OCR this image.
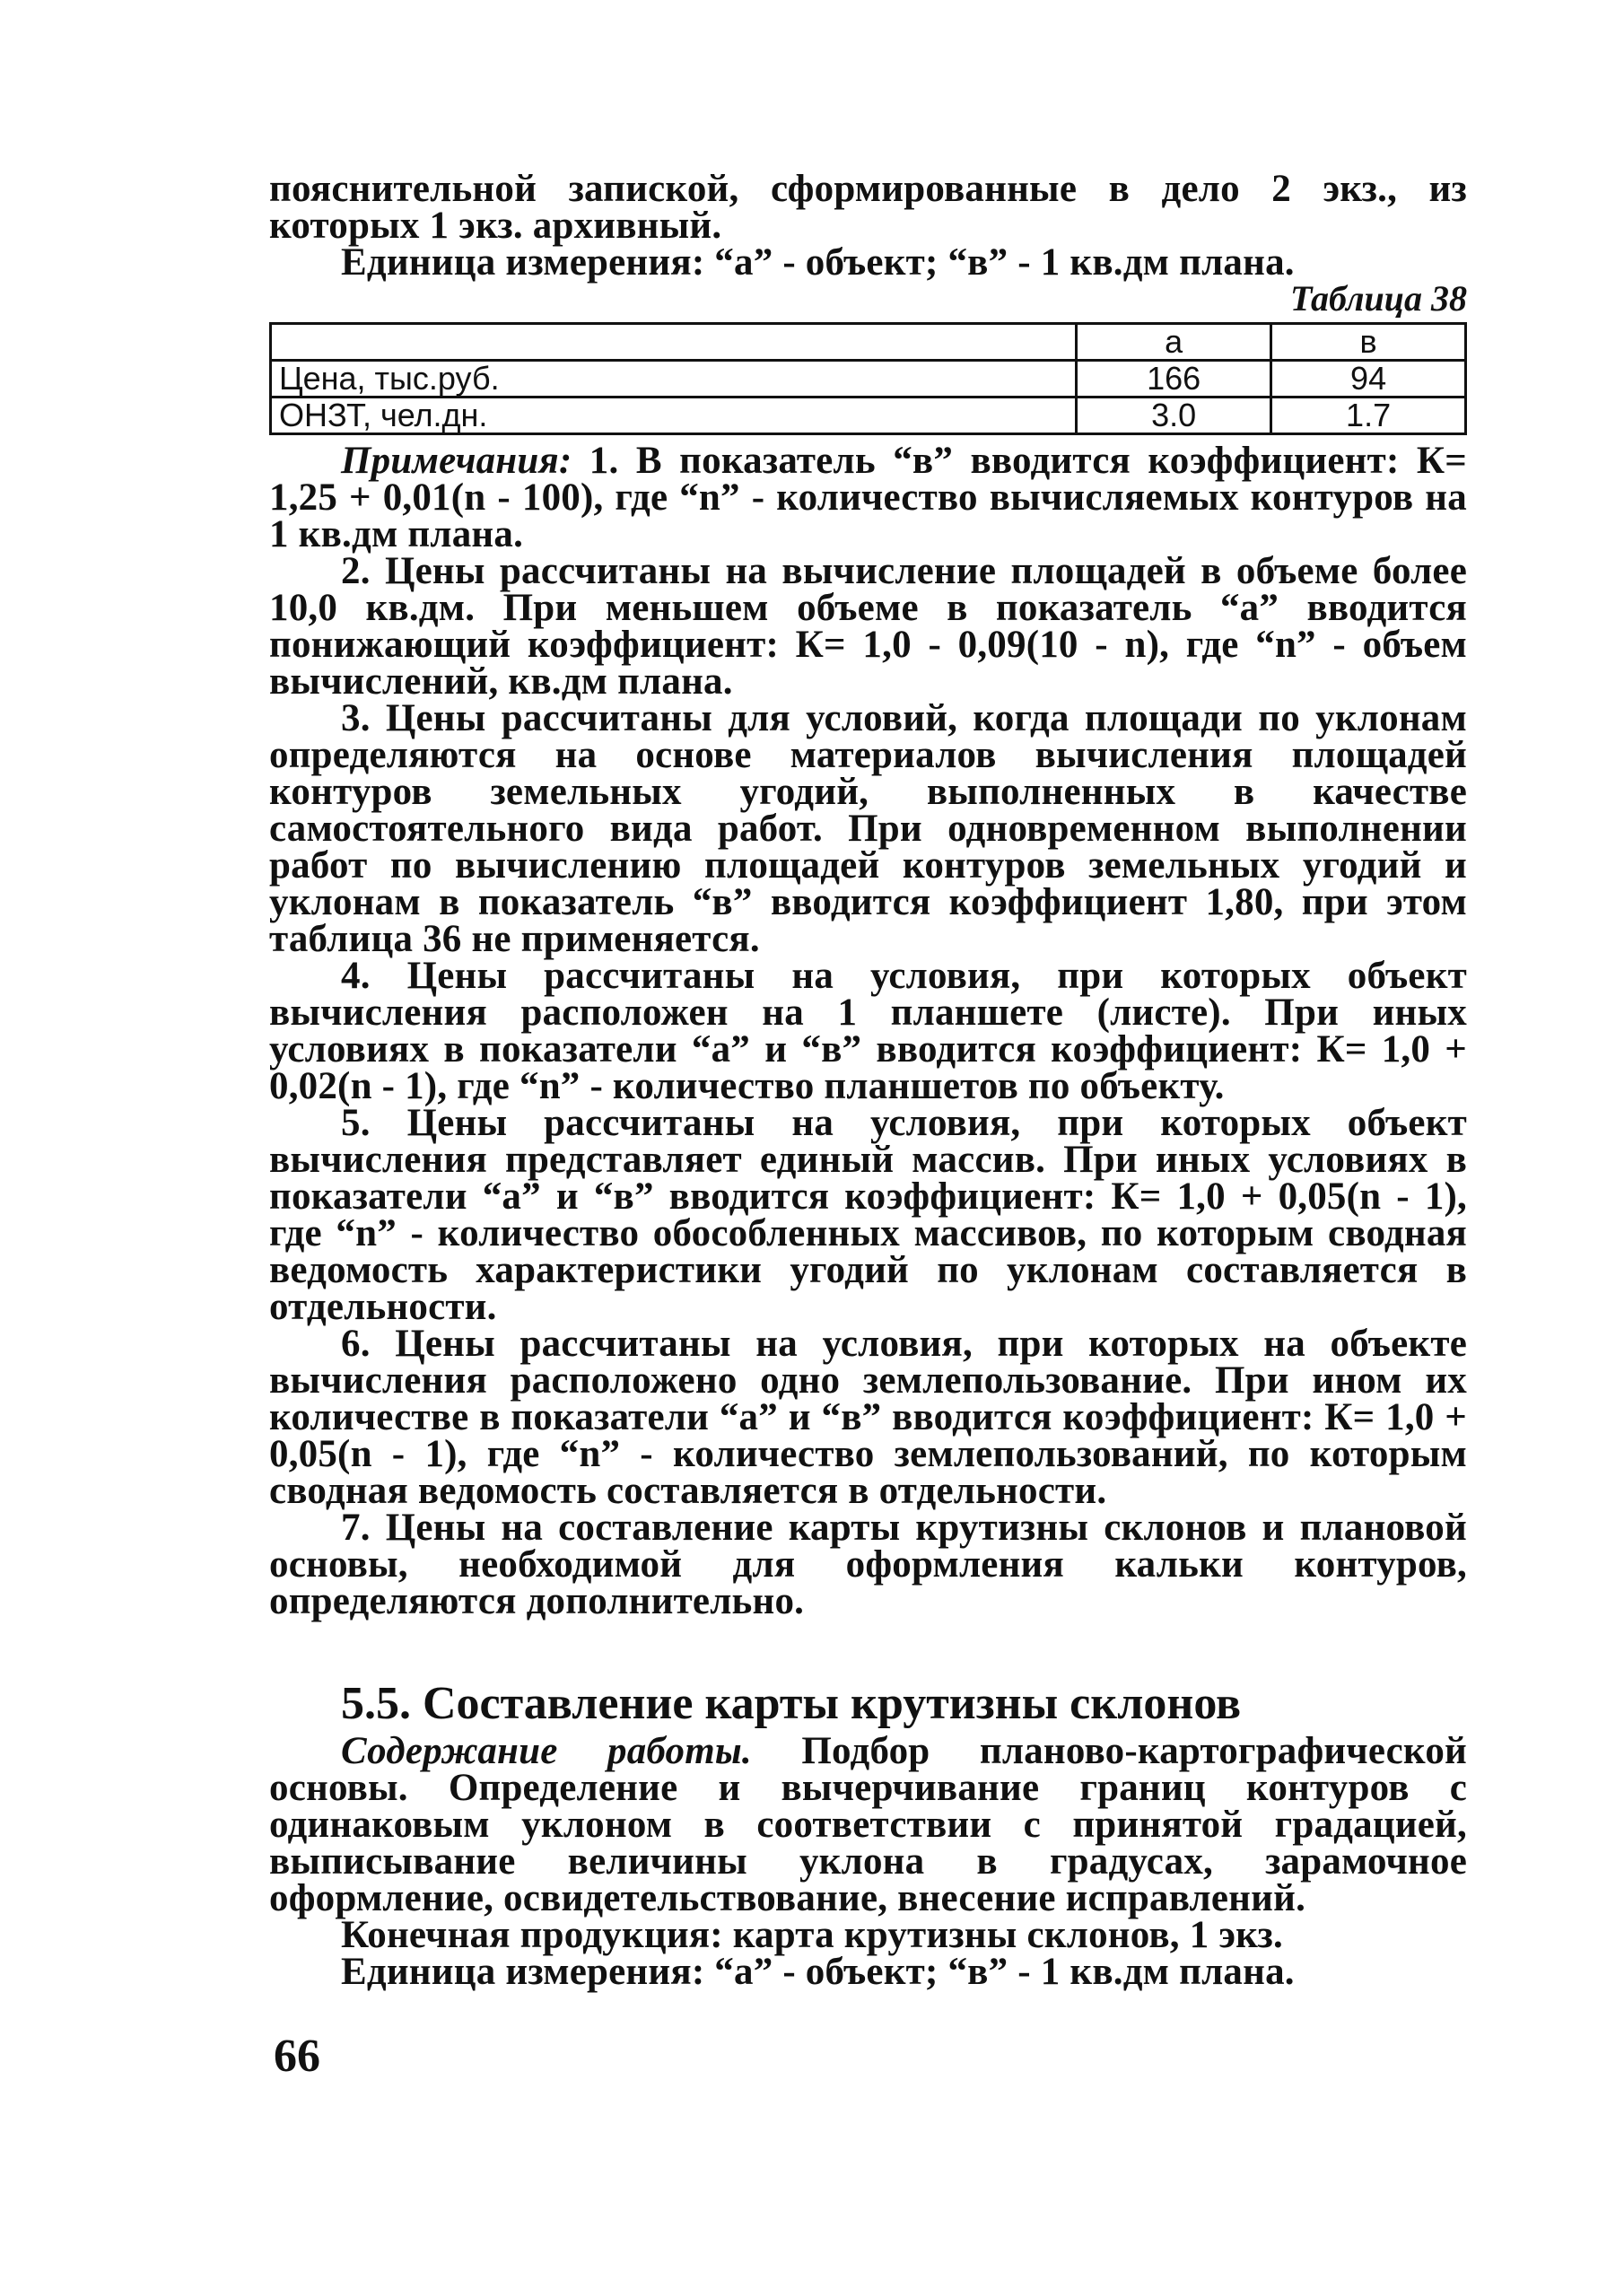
пояснительной запиской, сформированные в дело 2 экз., из которых 1 экз. архивный.

Единица измерения: “а” - объект; “в” - 1 кв.дм плана.

Таблица 38
	а	в
Цена, тыс.руб.	166	94
ОНЗТ, чел.дн.	3.0	1.7

Примечания: 1. В показатель “в” вводится коэффициент: К= 1,25 + 0,01(n - 100), где “n” - количество вычисляемых контуров на 1 кв.дм плана.

2. Цены рассчитаны на вычисление площадей в объеме более 10,0 кв.дм. При меньшем объеме в показатель “а” вводится понижающий коэффициент: К= 1,0 - 0,09(10 - n), где “n” - объем вычислений, кв.дм плана.

3. Цены рассчитаны для условий, когда площади по уклонам определяются на основе материалов вычисления площадей контуров земельных угодий, выполненных в качестве самостоятельного вида работ. При одновременном выполнении работ по вычислению площадей контуров земельных угодий и уклонам в показатель “в” вводится коэффициент 1,80, при этом таблица 36 не применяется.

4. Цены рассчитаны на условия, при которых объект вычисления расположен на 1 планшете (листе). При иных условиях в показатели “а” и “в” вводится коэффициент: К= 1,0 + 0,02(n - 1), где “n” - количество планшетов по объекту.

5. Цены рассчитаны на условия, при которых объект вычисления представляет единый массив. При иных условиях в показатели “а” и “в” вводится коэффициент: К= 1,0 + 0,05(n - 1), где “n” - количество обособленных массивов, по которым сводная ведомость характеристики угодий по уклонам составляется в отдельности.

6. Цены рассчитаны на условия, при которых на объекте вычисления расположено одно землепользование. При ином их количестве в показатели “а” и “в” вводится коэффициент: К= 1,0 + 0,05(n - 1), где “n” - количество землепользований, по которым сводная ведомость составляется в отдельности.

7. Цены на составление карты крутизны склонов и плановой основы, необходимой для оформления кальки контуров, определяются дополнительно.

5.5. Составление карты крутизны склонов

Содержание работы. Подбор планово-картографической основы. Определение и вычерчивание границ контуров с одинаковым уклоном в соответствии с принятой градацией, выписывание величины уклона в градусах, зарамочное оформление, освидетельствование, внесение исправлений.

Конечная продукция: карта крутизны склонов, 1 экз.

Единица измерения: “а” - объект; “в” - 1 кв.дм плана.

66
